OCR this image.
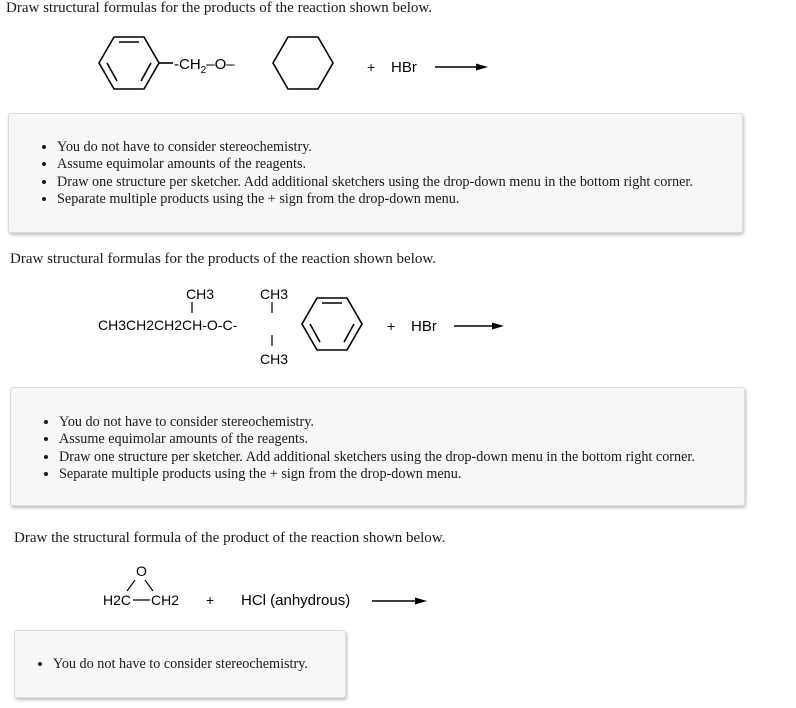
Draw structural formulas for the products of the reaction shown below.

$-CH_2-O-$	+ HBr
• You do not have to consider stereochemistry.
• Assume equimolar amounts of the reagents.
• Draw one structure per sketcher. Add additional sketchers using the drop-down menu in the bottom right corner.
• Separate multiple products using the + sign from the drop-down menu.

Draw structural formulas for the products of the reaction shown below.

CH3	CH3
CH3CH2CH2CH-O-C-
CH3
+ HBr
• You do not have to consider stereochemistry.
• Assume equimolar amounts of the reagents.
• Draw one structure per sketcher. Add additional sketchers using the drop-down menu in the bottom right corner.
• Separate multiple products using the + sign from the drop-down menu.

Draw the structural formula of the product of the reaction shown below.

O
H2C CH2 + HCl (anhydrous)
• You do not have to consider stereochemistry.
